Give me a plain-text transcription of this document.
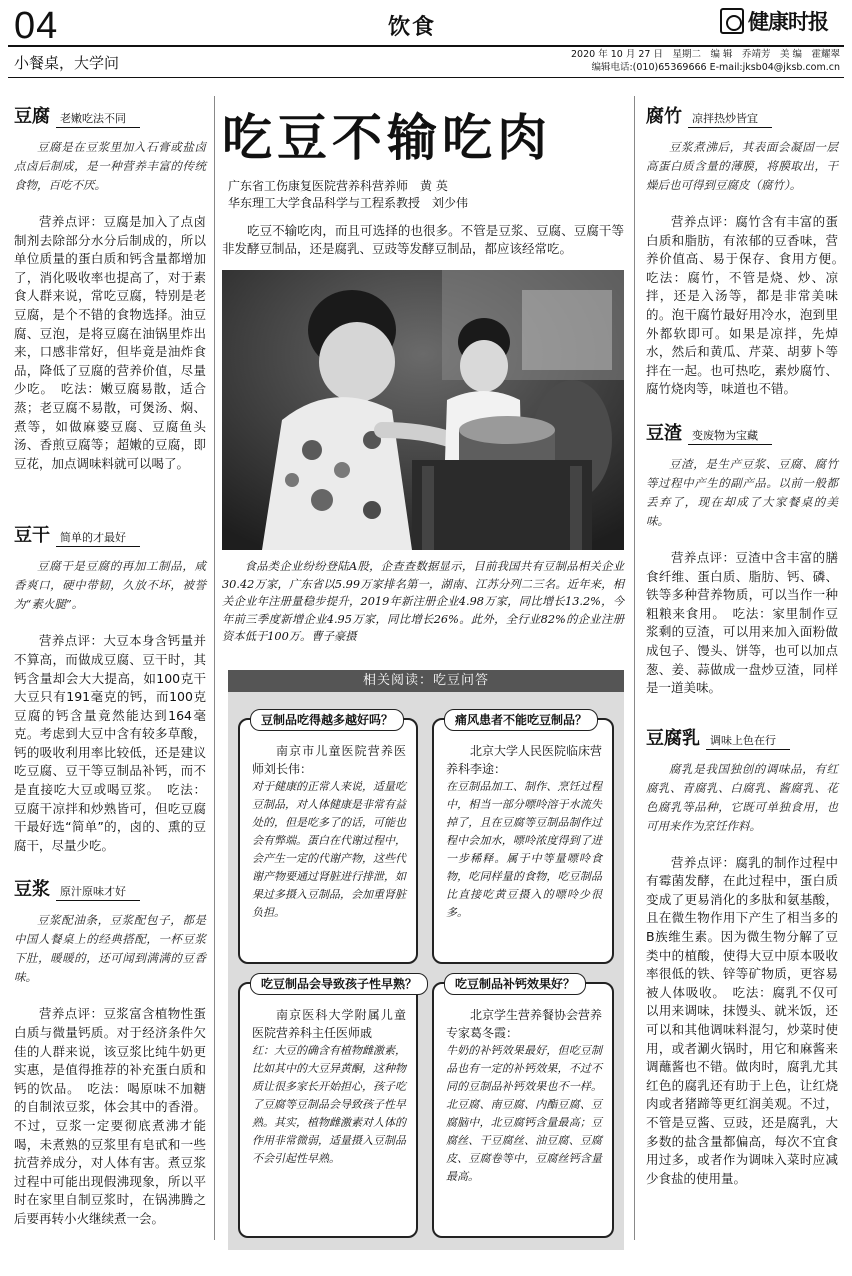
04	饮食	健康时报
小餐桌，大学问	2020 年 10 月 27 日　星期二　编 辑　乔靖芳　美 编　霍耀翠
编辑电话:(010)65369666 E-mail:jksb04@jksb.com.cn
豆腐 老嫩吃法不同

豆腐是在豆浆里加入石膏或盐卤点卤后制成，是一种营养丰富的传统食物，百吃不厌。

营养点评：豆腐是加入了点卤制剂去除部分水分后制成的，所以单位质量的蛋白质和钙含量都增加了，消化吸收率也提高了，对于素食人群来说，常吃豆腐，特别是老豆腐，是个不错的食物选择。油豆腐、豆泡，是将豆腐在油锅里炸出来，口感非常好，但毕竟是油炸食品，降低了豆腐的营养价值，尽量少吃。　吃法：嫩豆腐易散，适合蒸；老豆腐不易散，可煲汤、焖、煮等，如做麻婆豆腐、豆腐鱼头汤、香煎豆腐等；超嫩的豆腐，即豆花，加点调味料就可以喝了。

豆干 简单的才最好

豆腐干是豆腐的再加工制品，咸香爽口，硬中带韧，久放不坏，被誉为“素火腿”。

营养点评：大豆本身含钙量并不算高，而做成豆腐、豆干时，其钙含量却会大大提高，如100克干大豆只有191毫克的钙，而100克豆腐的钙含量竟然能达到164毫克。考虑到大豆中含有较多草酸，钙的吸收利用率比较低，还是建议吃豆腐、豆干等豆制品补钙，而不是直接吃大豆或喝豆浆。　吃法：豆腐干凉拌和炒熟皆可，但吃豆腐干最好选“简单”的，卤的、熏的豆腐干，尽量少吃。

豆浆 原汁原味才好

豆浆配油条，豆浆配包子，都是中国人餐桌上的经典搭配，一杯豆浆下肚，暖暖的，还可闻到满满的豆香味。

营养点评：豆浆富含植物性蛋白质与微量钙质。对于经济条件欠佳的人群来说，该豆浆比纯牛奶更实惠，是值得推荐的补充蛋白质和钙的饮品。　吃法：喝原味不加糖的自制浓豆浆，体会其中的香滑。不过，豆浆一定要彻底煮沸才能喝，未煮熟的豆浆里有皂甙和一些抗营养成分，对人体有害。煮豆浆过程中可能出现假沸现象，所以平时在家里自制豆浆时，在锅沸腾之后要再转小火继续煮一会。

吃豆不输吃肉
广东省工伤康复医院营养科营养师　黄 英
华东理工大学食品科学与工程系教授　刘少伟

吃豆不输吃肉，而且可选择的也很多。不管是豆浆、豆腐、豆腐干等非发酵豆制品，还是腐乳、豆豉等发酵豆制品，都应该经常吃。

食品类企业纷纷登陆A股，企查查数据显示，目前我国共有豆制品相关企业30.42万家，广东省以5.99万家排名第一，湖南、江苏分列二三名。近年来，相关企业年注册量稳步提升，2019年新注册企业4.98万家，同比增长13.2%，今年前三季度新增企业4.95万家，同比增长26%。此外，全行业82%的企业注册资本低于100万。曹子豪摄

相关阅读：吃豆问答
豆制品吃得越多越好吗？

南京市儿童医院营养医师刘长伟：

对于健康的正常人来说，适量吃豆制品，对人体健康是非常有益处的，但是吃多了的话，可能也会有弊端。蛋白在代谢过程中，会产生一定的代谢产物，这些代谢产物要通过肾脏进行排泄，如果过多摄入豆制品，会加重肾脏负担。

痛风患者不能吃豆制品？

北京大学人民医院临床营养科李途：

在豆制品加工、制作、烹饪过程中，相当一部分嘌呤溶于水流失掉了，且在豆腐等豆制品制作过程中会加水，嘌呤浓度得到了进一步稀释。属于中等量嘌呤食物，吃同样量的食物，吃豆制品比直接吃黄豆摄入的嘌呤少很多。

吃豆制品会导致孩子性早熟？

南京医科大学附属儿童医院营养科主任医师戚

红：大豆的确含有植物雌激素，比如其中的大豆异黄酮，这种物质让很多家长开始担心，孩子吃了豆腐等豆制品会导致孩子性早熟。其实，植物雌激素对人体的作用非常微弱，适量摄入豆制品不会引起性早熟。

吃豆制品补钙效果好？

北京学生营养餐协会营养专家葛冬霞：

牛奶的补钙效果最好，但吃豆制品也有一定的补钙效果，不过不同的豆制品补钙效果也不一样。北豆腐、南豆腐、内酯豆腐、豆腐脑中，北豆腐钙含量最高；豆腐丝、干豆腐丝、油豆腐、豆腐皮、豆腐卷等中，豆腐丝钙含量最高。

腐竹 凉拌热炒皆宜

豆浆煮沸后，其表面会凝固一层高蛋白质含量的薄膜，将膜取出，干燥后也可得到豆腐皮（腐竹）。

营养点评：腐竹含有丰富的蛋白质和脂肪，有浓郁的豆香味，营养价值高、易于保存、食用方便。　吃法：腐竹，不管是烧、炒、凉拌，还是入汤等，都是非常美味的。泡干腐竹最好用冷水，泡到里外都软即可。如果是凉拌，先焯水，然后和黄瓜、芹菜、胡萝卜等拌在一起。也可热吃，素炒腐竹、腐竹烧肉等，味道也不错。

豆渣 变废物为宝藏

豆渣，是生产豆浆、豆腐、腐竹等过程中产生的副产品。以前一般都丢弃了，现在却成了大家餐桌的美味。

营养点评：豆渣中含丰富的膳食纤维、蛋白质、脂肪、钙、磷、铁等多种营养物质，可以当作一种粗粮来食用。　吃法：家里制作豆浆剩的豆渣，可以用来加入面粉做成包子、馒头、饼等，也可以加点葱、姜、蒜做成一盘炒豆渣，同样是一道美味。

豆腐乳 调味上色在行

腐乳是我国独创的调味品，有红腐乳、青腐乳、白腐乳、酱腐乳、花色腐乳等品种，它既可单独食用，也可用来作为烹饪作料。

营养点评：腐乳的制作过程中有霉菌发酵，在此过程中，蛋白质变成了更易消化的多肽和氨基酸，且在微生物作用下产生了相当多的B族维生素。因为微生物分解了豆类中的植酸，使得大豆中原本吸收率很低的铁、锌等矿物质，更容易被人体吸收。　吃法：腐乳不仅可以用来调味，抹馒头、就米饭，还可以和其他调味料混匀，炒菜时使用，或者涮火锅时，用它和麻酱来调蘸酱也不错。做肉时，腐乳尤其红色的腐乳还有助于上色，让红烧肉或者猪蹄等更红润美观。不过，不管是豆酱、豆豉，还是腐乳，大多数的盐含量都偏高，每次不宜食用过多，或者作为调味入菜时应减少食盐的使用量。
